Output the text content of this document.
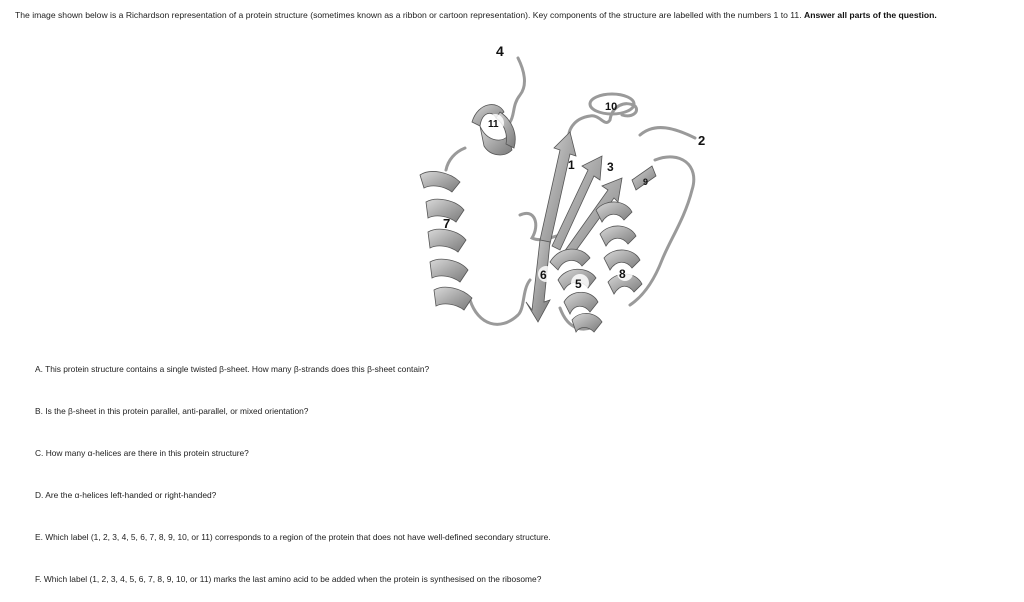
The image shown below is a Richardson representation of a protein structure (sometimes known as a ribbon or cartoon representation). Key components of the structure are labelled with the numbers 1 to 11. Answer all parts of the question.
4
11
10
2
1	3
9
7
6
5
8
A. This protein structure contains a single twisted β-sheet. How many β-strands does this β-sheet contain?
B. Is the β-sheet in this protein parallel, anti-parallel, or mixed orientation?
C. How many α-helices are there in this protein structure?
D. Are the α-helices left-handed or right-handed?
E. Which label (1, 2, 3, 4, 5, 6, 7, 8, 9, 10, or 11) corresponds to a region of the protein that does not have well-defined secondary structure.
F. Which label (1, 2, 3, 4, 5, 6, 7, 8, 9, 10, or 11) marks the last amino acid to be added when the protein is synthesised on the ribosome?
